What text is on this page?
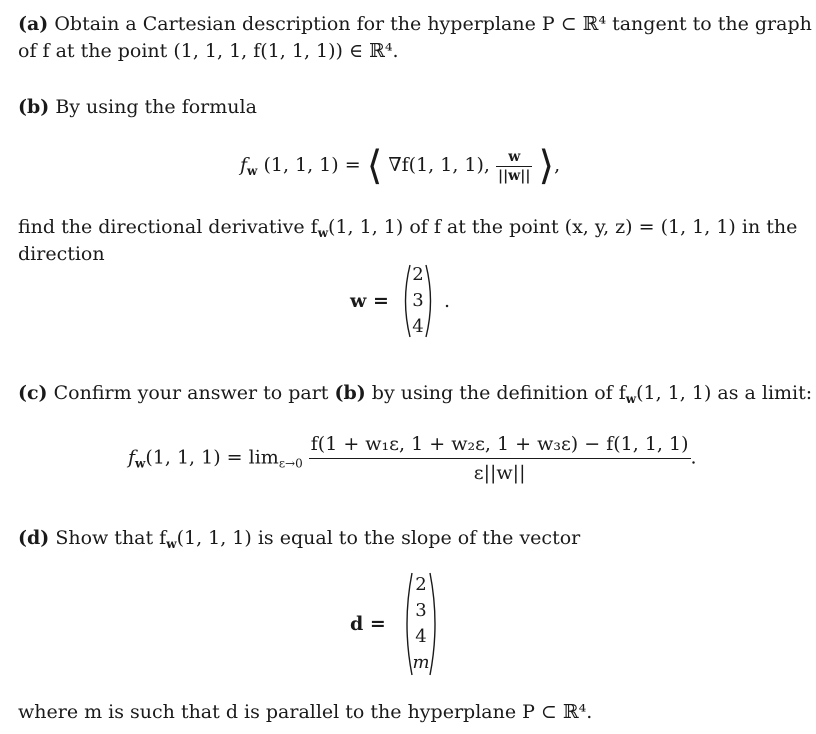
(a) Obtain a Cartesian description for the hyperplane P ⊂ ℝ⁴ tangent to the graph
of f at the point (1, 1, 1, f(1, 1, 1)) ∈ ℝ⁴.
(b) By using the formula
$f_w$ (1, 1, 1) = ⟨ ∇f(1, 1, 1), $\frac{w}{||w||}$ ⟩,
find the directional derivative $f_w(1$, 1, 1) of f at the point (x, y, z) = (1, 1, 1) in the
direction
w =
2
3
4
.
(c) Confirm your answer to part (b) by using the definition of $f_w(1$, 1, 1) as a limit:
$f_w(1$, 1, $1) = \lim_{\varepsilon\to 0} \frac{\text{f(1 + w₁ε, 1 + w₂ε, 1 + w₃ε) − f(1, 1, 1)}}{\varepsilon||w||}$ .
(d) Show that $f_w(1$, 1, 1) is equal to the slope of the vector
d =
2
3
4
m
where m is such that d is parallel to the hyperplane P ⊂ ℝ⁴.
